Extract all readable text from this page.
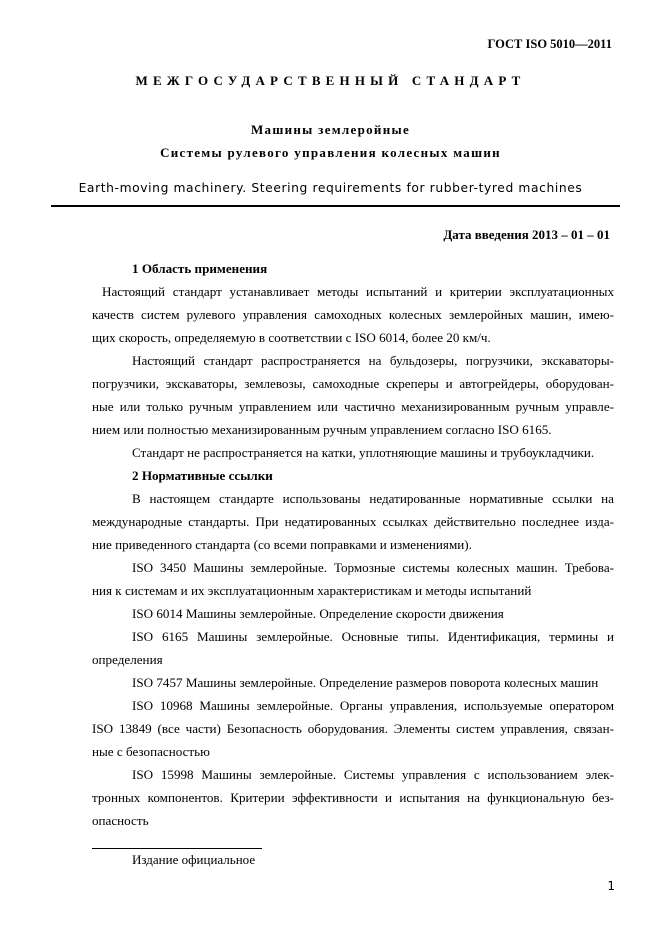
ГОСТ ISO 5010—2011
МЕЖГОСУДАРСТВЕННЫЙ СТАНДАРТ
Машины землеройные
Системы рулевого управления колесных машин
Earth-moving machinery. Steering requirements for rubber-tyred machines
Дата введения 2013 – 01 – 01
1 Область применения
Настоящий стандарт устанавливает методы испытаний и критерии эксплуатационных
качеств систем рулевого управления самоходных колесных землеройных машин, имею-
щих скорость, определяемую в соответствии с ISO 6014, более 20 км/ч.
Настоящий стандарт распространяется на бульдозеры, погрузчики, экскаваторы-
погрузчики, экскаваторы, землевозы, самоходные скреперы и автогрейдеры, оборудован-
ные или только ручным управлением или частично механизированным ручным управле-
нием или полностью механизированным ручным управлением согласно ISO 6165.
Стандарт не распространяется на катки, уплотняющие машины и трубоукладчики.
2 Нормативные ссылки
В настоящем стандарте использованы недатированные нормативные ссылки на
международные стандарты. При недатированных ссылках действительно последнее изда-
ние приведенного стандарта (со всеми поправками и изменениями).
ISO 3450 Машины землеройные. Тормозные системы колесных машин. Требова-
ния к системам и их эксплуатационным характеристикам и методы испытаний
ISO 6014 Машины землеройные. Определение скорости движения
ISO 6165 Машины землеройные. Основные типы. Идентификация, термины и
определения
ISO 7457 Машины землеройные. Определение размеров поворота колесных машин
ISO 10968 Машины землеройные. Органы управления, используемые оператором
ISO 13849 (все части) Безопасность оборудования. Элементы систем управления, связан-
ные с безопасностью
ISO 15998 Машины землеройные. Системы управления с использованием элек-
тронных компонентов. Критерии эффективности и испытания на функциональную без-
опасность
Издание официальное
1
